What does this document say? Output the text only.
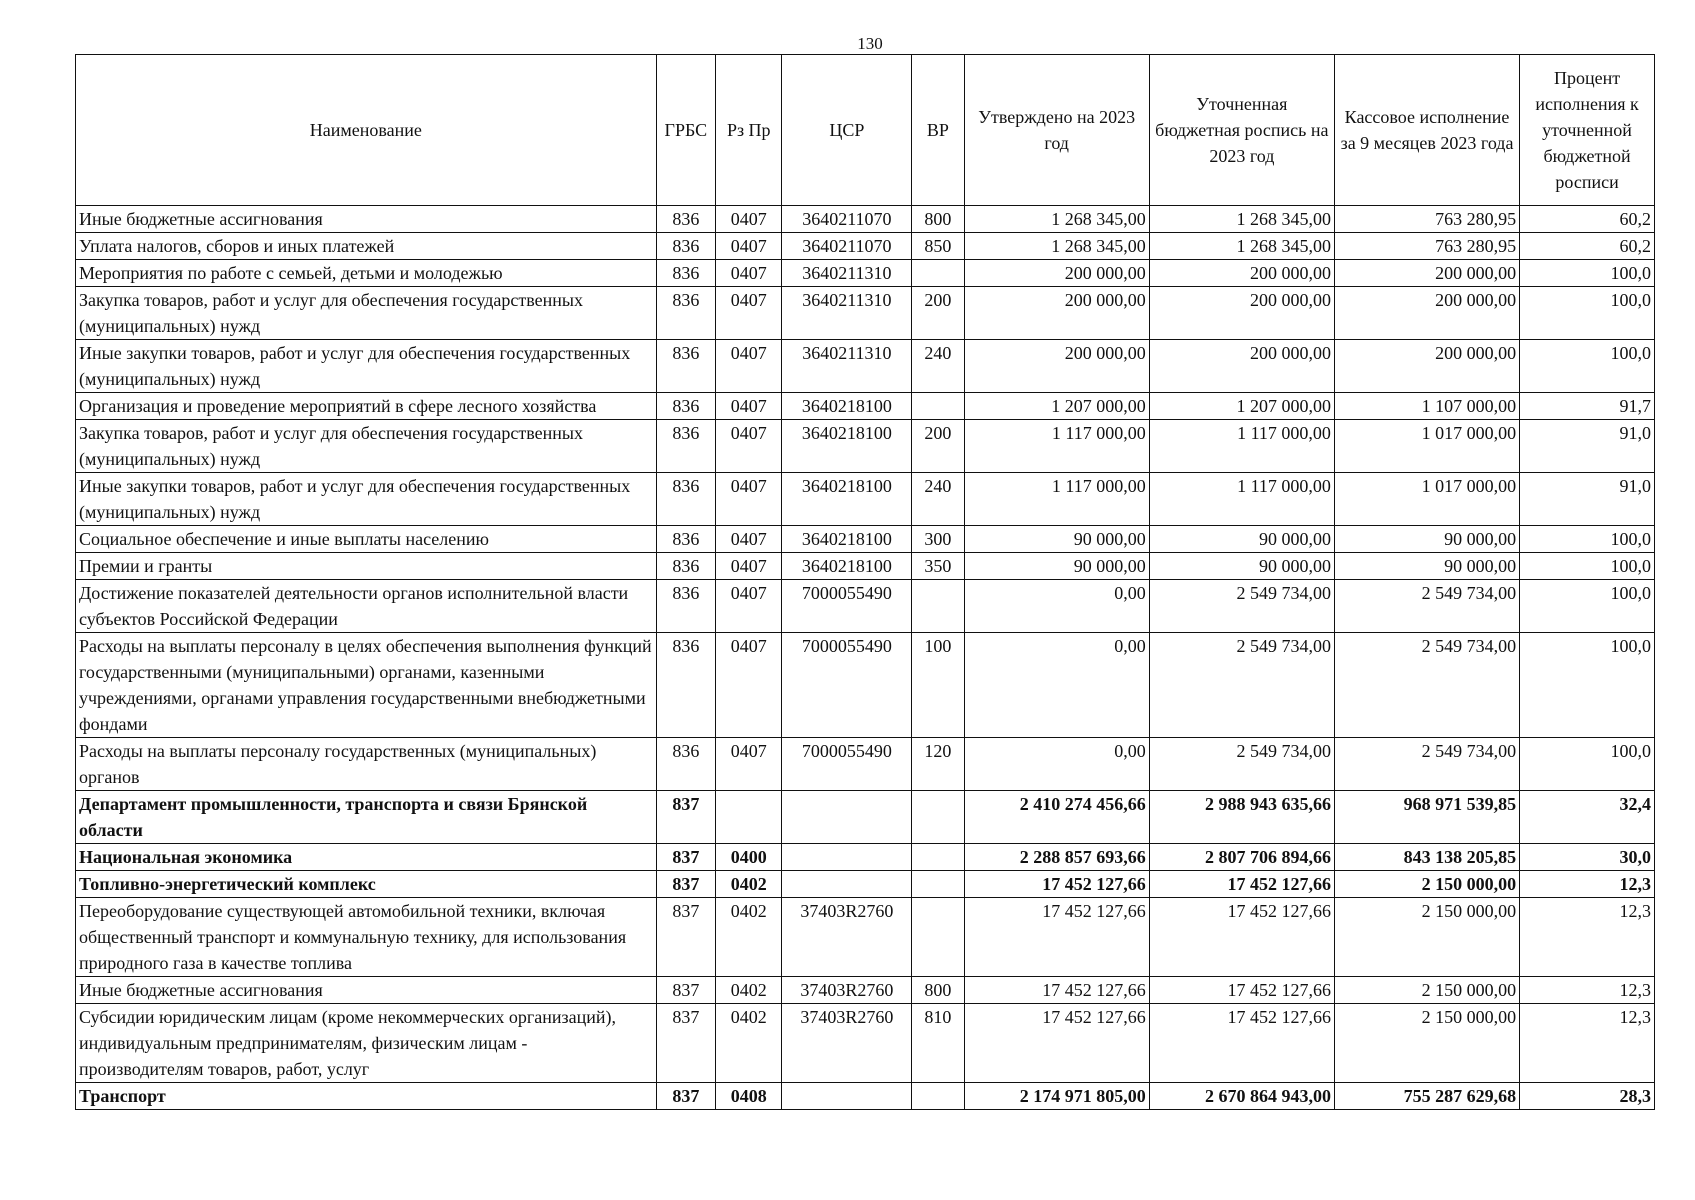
130
Наименование	ГРБС	Рз Пр	ЦСР	ВР	Утверждено на 2023 год	Уточненная бюджетная роспись на 2023 год	Кассовое исполнение за 9 месяцев 2023 года	Процент исполнения к уточненной бюджетной росписи
Иные бюджетные ассигнования	836	0407	3640211070	800	1 268 345,00	1 268 345,00	763 280,95	60,2
Уплата налогов, сборов и иных платежей	836	0407	3640211070	850	1 268 345,00	1 268 345,00	763 280,95	60,2
Мероприятия по работе с семьей, детьми и молодежью	836	0407	3640211310		200 000,00	200 000,00	200 000,00	100,0
Закупка товаров, работ и услуг для обеспечения государственных (муниципальных) нужд	836	0407	3640211310	200	200 000,00	200 000,00	200 000,00	100,0
Иные закупки товаров, работ и услуг для обеспечения государственных (муниципальных) нужд	836	0407	3640211310	240	200 000,00	200 000,00	200 000,00	100,0
Организация и проведение мероприятий в сфере лесного хозяйства	836	0407	3640218100		1 207 000,00	1 207 000,00	1 107 000,00	91,7
Закупка товаров, работ и услуг для обеспечения государственных (муниципальных) нужд	836	0407	3640218100	200	1 117 000,00	1 117 000,00	1 017 000,00	91,0
Иные закупки товаров, работ и услуг для обеспечения государственных (муниципальных) нужд	836	0407	3640218100	240	1 117 000,00	1 117 000,00	1 017 000,00	91,0
Социальное обеспечение и иные выплаты населению	836	0407	3640218100	300	90 000,00	90 000,00	90 000,00	100,0
Премии и гранты	836	0407	3640218100	350	90 000,00	90 000,00	90 000,00	100,0
Достижение показателей деятельности органов исполнительной власти субъектов Российской Федерации	836	0407	7000055490		0,00	2 549 734,00	2 549 734,00	100,0
Расходы на выплаты персоналу в целях обеспечения выполнения функций государственными (муниципальными) органами, казенными учреждениями, органами управления государственными внебюджетными фондами	836	0407	7000055490	100	0,00	2 549 734,00	2 549 734,00	100,0
Расходы на выплаты персоналу государственных (муниципальных) органов	836	0407	7000055490	120	0,00	2 549 734,00	2 549 734,00	100,0
Департамент промышленности, транспорта и связи Брянской области	837				2 410 274 456,66	2 988 943 635,66	968 971 539,85	32,4
Национальная экономика	837	0400			2 288 857 693,66	2 807 706 894,66	843 138 205,85	30,0
Топливно-энергетический комплекс	837	0402			17 452 127,66	17 452 127,66	2 150 000,00	12,3
Переоборудование существующей автомобильной техники, включая общественный транспорт и коммунальную технику, для использования природного газа в качестве топлива	837	0402	37403R2760		17 452 127,66	17 452 127,66	2 150 000,00	12,3
Иные бюджетные ассигнования	837	0402	37403R2760	800	17 452 127,66	17 452 127,66	2 150 000,00	12,3
Субсидии юридическим лицам (кроме некоммерческих организаций), индивидуальным предпринимателям, физическим лицам - производителям товаров, работ, услуг	837	0402	37403R2760	810	17 452 127,66	17 452 127,66	2 150 000,00	12,3
Транспорт	837	0408			2 174 971 805,00	2 670 864 943,00	755 287 629,68	28,3
